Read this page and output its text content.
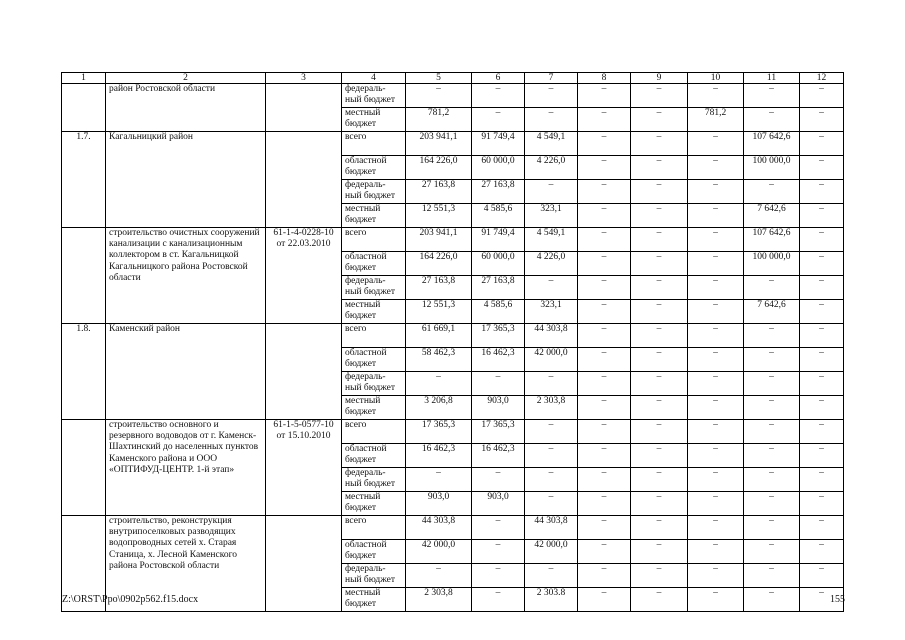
1	2	3	4	5	6	7	8	9	10	11	12
	район Ростовской области		федераль-ный бюджет	–	–	–	–	–	–	–	–
			местный бюджет	781,2	–	–	–	–	781,2	–	–
1.7.	Кагальницкий район		всего	203 941,1	91 749,4	4 549,1	–	–	–	107 642,6	–
			областной бюджет	164 226,0	60 000,0	4 226,0	–	–	–	100 000,0	–
			федераль-ный бюджет	27 163,8	27 163,8	–	–	–	–	–	–
			местный бюджет	12 551,3	4 585,6	323,1	–	–	–	7 642,6	–
	строительство очистных сооружений канализации с канализационным коллектором в ст. Кагальницкой Кагальницкого района Ростовской области	61-1-4-0228-10 от 22.03.2010	всего	203 941,1	91 749,4	4 549,1	–	–	–	107 642,6	–
			областной бюджет	164 226,0	60 000,0	4 226,0	–	–	–	100 000,0	–
			федераль-ный бюджет	27 163,8	27 163,8	–	–	–	–	–	–
			местный бюджет	12 551,3	4 585,6	323,1	–	–	–	7 642,6	–
1.8.	Каменский район		всего	61 669,1	17 365,3	44 303,8	–	–	–	–	–
			областной бюджет	58 462,3	16 462,3	42 000,0	–	–	–	–	–
			федераль-ный бюджет	–	–	–	–	–	–	–	–
			местный бюджет	3 206,8	903,0	2 303,8	–	–	–	–	–
	строительство основного и резервного водоводов от г. Каменск-Шахтинский до населенных пунктов Каменского района и ООО «ОПТИФУД-ЦЕНТР. 1-й этап»	61-1-5-0577-10 от 15.10.2010	всего	17 365,3	17 365,3	–	–	–	–	–	–
			областной бюджет	16 462,3	16 462,3	–	–	–	–	–	–
			федераль-ный бюджет	–	–	–	–	–	–	–	–
			местный бюджет	903,0	903,0	–	–	–	–	–	–
	строительство, реконструкция внутрипоселковых разводящих водопроводных сетей х. Старая Станица, х. Лесной Каменского района Ростовской области		всего	44 303,8	–	44 303,8	–	–	–	–	–
			областной бюджет	42 000,0	–	42 000,0	–	–	–	–	–
			федераль-ный бюджет	–	–	–	–	–	–	–	–
			местный бюджет	2 303,8	–	2 303.8	–	–	–	–	–
Z:\ORST\Ppo\0902p562.f15.docx	155
